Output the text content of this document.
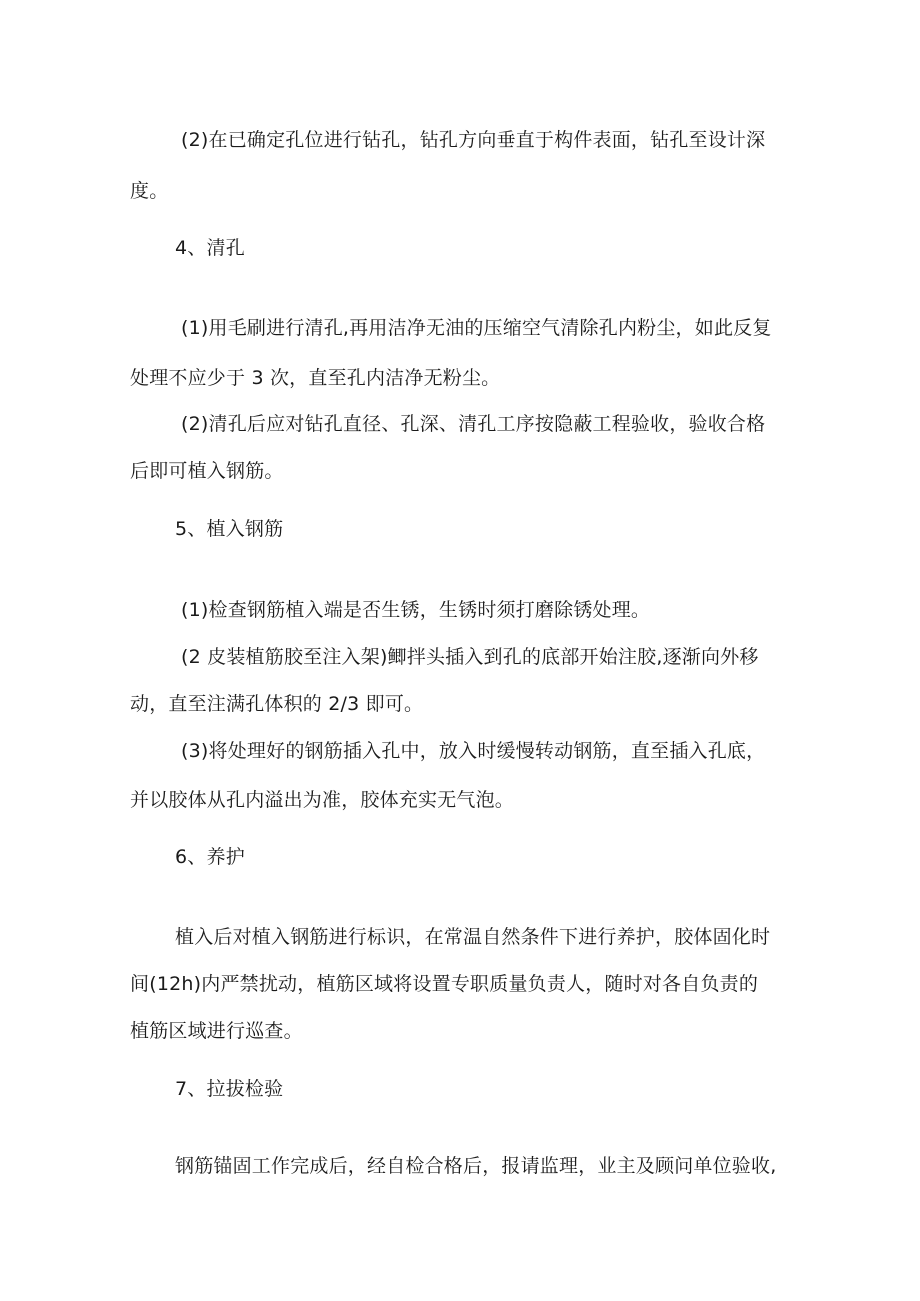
(2)在已确定孔位进行钻孔，钻孔方向垂直于构件表面，钻孔至设计深
度。
4、清孔
(1)用毛刷进行清孔,再用洁净无油的压缩空气清除孔内粉尘，如此反复
处理不应少于 3 次，直至孔内洁净无粉尘。
(2)清孔后应对钻孔直径、孔深、清孔工序按隐蔽工程验收，验收合格
后即可植入钢筋。
5、植入钢筋
(1)检查钢筋植入端是否生锈，生锈时须打磨除锈处理。
(2 皮装植筋胶至注入架)鲫拌头插入到孔的底部开始注胶,逐渐向外移
动，直至注满孔体积的 2/3 即可。
(3)将处理好的钢筋插入孔中，放入时缓慢转动钢筋，直至插入孔底，
并以胶体从孔内溢出为准，胶体充实无气泡。
6、养护
植入后对植入钢筋进行标识，在常温自然条件下进行养护，胶体固化时
间(12h)内严禁扰动，植筋区域将设置专职质量负责人，随时对各自负责的
植筋区域进行巡查。
7、拉拔检验
钢筋锚固工作完成后，经自检合格后，报请监理，业主及顾问单位验收,
